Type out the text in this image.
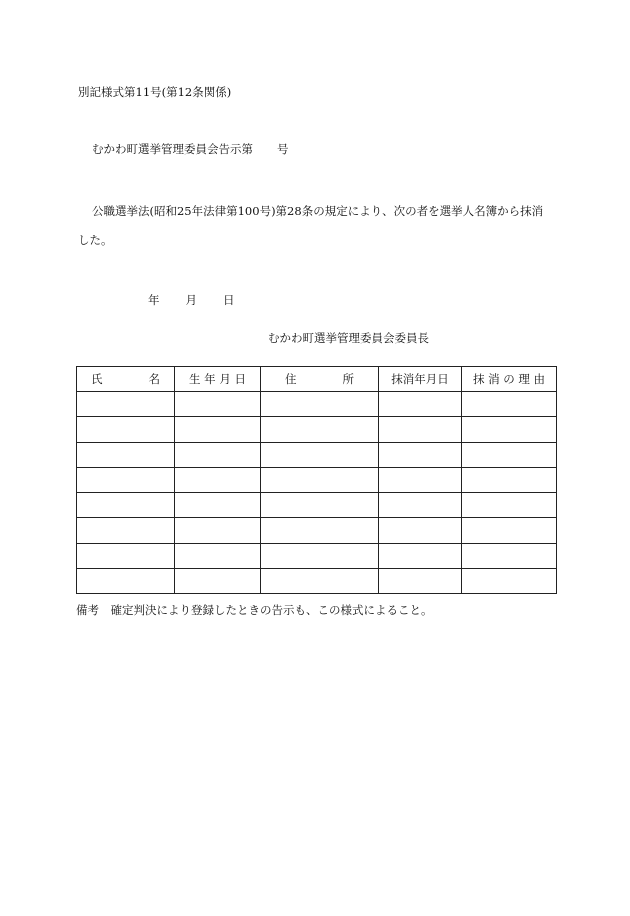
別記様式第11号(第12条関係)
むかわ町選挙管理委員会告示第 号
公職選挙法(昭和25年法律第100号)第28条の規定により、次の者を選挙人名簿から抹消
した。
年 月 日
むかわ町選挙管理委員会委員長
氏　　　　名	生 年 月 日	住　　　　所	抹消年月日	抹 消 の 理 由

備考　確定判決により登録したときの告示も、この様式によること。
